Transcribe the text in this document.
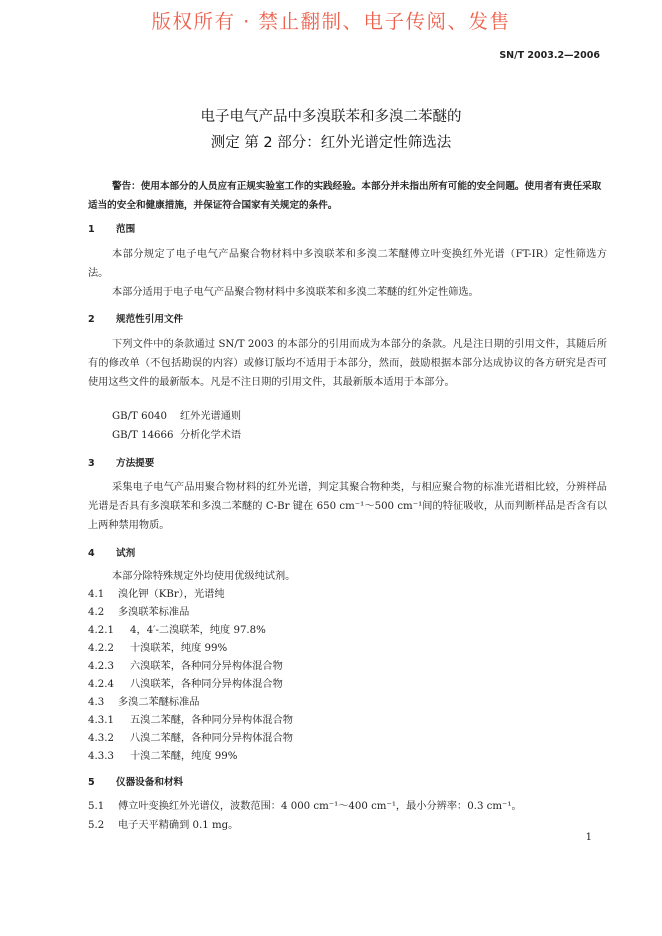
版权所有 · 禁止翻制、电子传阅、发售
SN/T 2003.2—2006
电子电气产品中多溴联苯和多溴二苯醚的
测定 第 2 部分：红外光谱定性筛选法
警告：使用本部分的人员应有正规实验室工作的实践经验。本部分并未指出所有可能的安全问题。使用者有责任采取适当的安全和健康措施，并保证符合国家有关规定的条件。
1 范围
本部分规定了电子电气产品聚合物材料中多溴联苯和多溴二苯醚傅立叶变换红外光谱（FT-IR）定性筛选方法。
本部分适用于电子电气产品聚合物材料中多溴联苯和多溴二苯醚的红外定性筛选。
2 规范性引用文件
下列文件中的条款通过 SN/T 2003 的本部分的引用而成为本部分的条款。凡是注日期的引用文件，其随后所有的修改单（不包括勘误的内容）或修订版均不适用于本部分，然而，鼓励根据本部分达成协议的各方研究是否可使用这些文件的最新版本。凡是不注日期的引用文件，其最新版本适用于本部分。
GB/T 6040 红外光谱通则
GB/T 14666 分析化学术语
3 方法提要
采集电子电气产品用聚合物材料的红外光谱，判定其聚合物种类，与相应聚合物的标准光谱相比较，分辨样品光谱是否具有多溴联苯和多溴二苯醚的 C-Br 键在 650 cm⁻¹～500 cm⁻¹间的特征吸收，从而判断样品是否含有以上两种禁用物质。
4 试剂
本部分除特殊规定外均使用优级纯试剂。
4.1 溴化钾（KBr），光谱纯
4.2 多溴联苯标准品
4.2.1 4，4′-二溴联苯，纯度 97.8%
4.2.2 十溴联苯，纯度 99%
4.2.3 六溴联苯，各种同分异构体混合物
4.2.4 八溴联苯，各种同分异构体混合物
4.3 多溴二苯醚标准品
4.3.1 五溴二苯醚，各种同分异构体混合物
4.3.2 八溴二苯醚，各种同分异构体混合物
4.3.3 十溴二苯醚，纯度 99%
5 仪器设备和材料
5.1 傅立叶变换红外光谱仪，波数范围：4 000 cm⁻¹～400 cm⁻¹，最小分辨率：0.3 cm⁻¹。
5.2 电子天平精确到 0.1 mg。
1
